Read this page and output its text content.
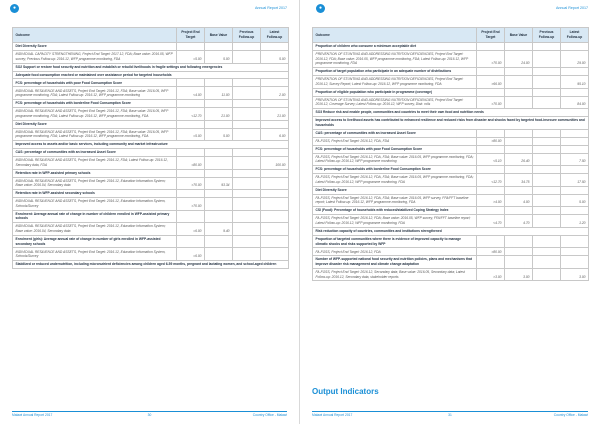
●	Annual Report 2017
Outcome	Project End Target	Base Value	Previous Follow-up	Latest Follow-up
Diet Diversity Score				
INDIVIDUAL CAPACITY STRENGTHENING, Project End Target: 2017.12, FDA; Base value: 2016.05, WFP survey; Previous Follow-up: 2016.12, WFP programme monitoring, FDA	=5.00	5.00		5.00
SO2 Support or restore food security and nutrition and establish or rebuild livelihoods in fragile settings and following emergencies				
Adequate food consumption reached or maintained over assistance period for targeted households				
FCS: percentage of households with poor Food Consumption Score				
INDIVIDUAL RESILIENCE AND ASSETS, Project End Target: 2016.12, FDA; Base value: 2016.05, WFP programme monitoring, FDA; Latest Follow-up: 2016.12, WFP programme monitoring	<4.00	11.00		2.00
FCS: percentage of households with borderline Food Consumption Score				
INDIVIDUAL RESILIENCE AND ASSETS, Project End Target: 2016.12, FDA; Base value: 2016.05, WFP programme monitoring, FDA; Latest Follow-up: 2016.12, WFP programme monitoring, FDA	<12.70	21.00		21.00
Diet Diversity Score				
INDIVIDUAL RESILIENCE AND ASSETS, Project End Target: 2016.12, FDA; Base value: 2016.05, WFP programme monitoring, FDA; Latest Follow-up: 2016.12, WFP programme monitoring, FDA	=5.00	5.00		6.00
Improved access to assets and/or basic services, including community and market infrastructure				
CAS: percentage of communities with an increased Asset Score				
INDIVIDUAL RESILIENCE AND ASSETS, Project End Target: 2016.12, FDA; Latest Follow-up: 2016.12, Secondary data, FDA	=80.00			100.00
Retention rate in WFP-assisted primary schools				
INDIVIDUAL RESILIENCE AND ASSETS, Project End Target: 2016.12, Education Information System; Base value: 2016.04, Secondary data	>70.00	93.34		
Retention rate in WFP-assisted secondary schools				
INDIVIDUAL RESILIENCE AND ASSETS, Project End Target: 2016.12, Education Information System, Schools/Survey	>70.00			
Enrolment: Average annual rate of change in number of children enrolled in WFP-assisted primary schools				
INDIVIDUAL RESILIENCE AND ASSETS, Project End Target: 2016.12, Education Information System; Base value: 2016.04, Secondary data	=6.00	9.40		
Enrolment (girls): Average annual rate of change in number of girls enrolled in WFP-assisted secondary schools				
INDIVIDUAL RESILIENCE AND ASSETS, Project End Target: 2016.12, Education Information System, Schools/Survey	=6.00			
Stabilized or reduced undernutrition, including micronutrient deficiencies among children aged 6-59 months, pregnant and lactating women, and school-aged children				
Malawi Annual Report 2017	30	Country Office - Malawi
●	Annual Report 2017
Outcome	Project End Target	Base Value	Previous Follow-up	Latest Follow-up
Proportion of children who consume a minimum acceptable diet				
PREVENTION OF STUNTING AND ADDRESSING NUTRITION DEFICIENCIES, Project End Target: 2016.12, FDA; Base value: 2016.05, WFP programme monitoring, FDA; Latest Follow-up: 2016.12, WFP programme monitoring, FDA	>70.00	24.00		29.00
Proportion of target population who participate in an adequate number of distributions				
PREVENTION OF STUNTING AND ADDRESSING NUTRITION DEFICIENCIES, Project End Target: 2016.12, Survey Report; Latest Follow-up: 2016.12, WFP programme monitoring, FDA	>66.00			95.10
Proportion of eligible population who participate in programme (coverage)				
PREVENTION OF STUNTING AND ADDRESSING NUTRITION DEFICIENCIES, Project End Target: 2016.12, Coverage Survey; Latest Follow-up: 2016.12, WFP survey, Distr. rolls	>70.00			84.00
SO3 Reduce risk and enable people, communities and countries to meet their own food and nutrition needs				
Improved access to livelihood assets has contributed to enhanced resilience and reduced risks from disaster and shocks faced by targeted food-insecure communities and households				
CAS: percentage of communities with an increased Asset Score				
FA-FOSS, Project End Target: 2016.12, FDA, FDA	>80.00			
FCS: percentage of households with poor Food Consumption Score				
FA-FOSS, Project End Target: 2016.12, FDA, FDA; Base value: 2016.05, WFP programme monitoring, FDA; Latest Follow-up: 2016.12, WFP programme monitoring	<5.10	26.40		7.50
FCS: percentage of households with borderline Food Consumption Score				
FA-FOSS, Project End Target: 2016.12, FDA, FDA; Base value: 2016.05, WFP programme monitoring, FDA; Latest Follow-up: 2016.12, WFP programme monitoring, FDA	<12.70	34.75		17.50
Diet Diversity Score				
FA-FOSS, Project End Target: 2016.12, FDA, FDA; Base value: 2016.05, WFP survey, FFA/FFT baseline report; Latest Follow-up: 2016.12, WFP programme monitoring, FDA	>4.00	4.00		5.00
CSI (Food): Percentage of households with reduced/stabilized Coping Strategy Index				
FA-FOSS, Project End Target: 2016.12, FDA; Base value: 2016.05, WFP survey, FFA/FFT baseline report; Latest Follow-up: 2016.12, WFP programme monitoring, FDA	<4.70	4.70		1.20
Risk reduction capacity of countries, communities and institutions strengthened				
Proportion of targeted communities where there is evidence of improved capacity to manage climatic shocks and risks supported by WFP				
FA-FOSS, Project End Target: 2016.12, FDA	>80.00			
Number of WFP-supported national food security and nutrition policies, plans and mechanisms that improve disaster risk management and climate change adaptation				
FA-FOSS, Project End Target: 2016.12, Secondary data; Base value: 2016.05, Secondary data; Latest Follow-up: 2016.12, Secondary data, stakeholder reports	>3.00	3.00		3.00
Output Indicators
Malawi Annual Report 2017	31	Country Office - Malawi
